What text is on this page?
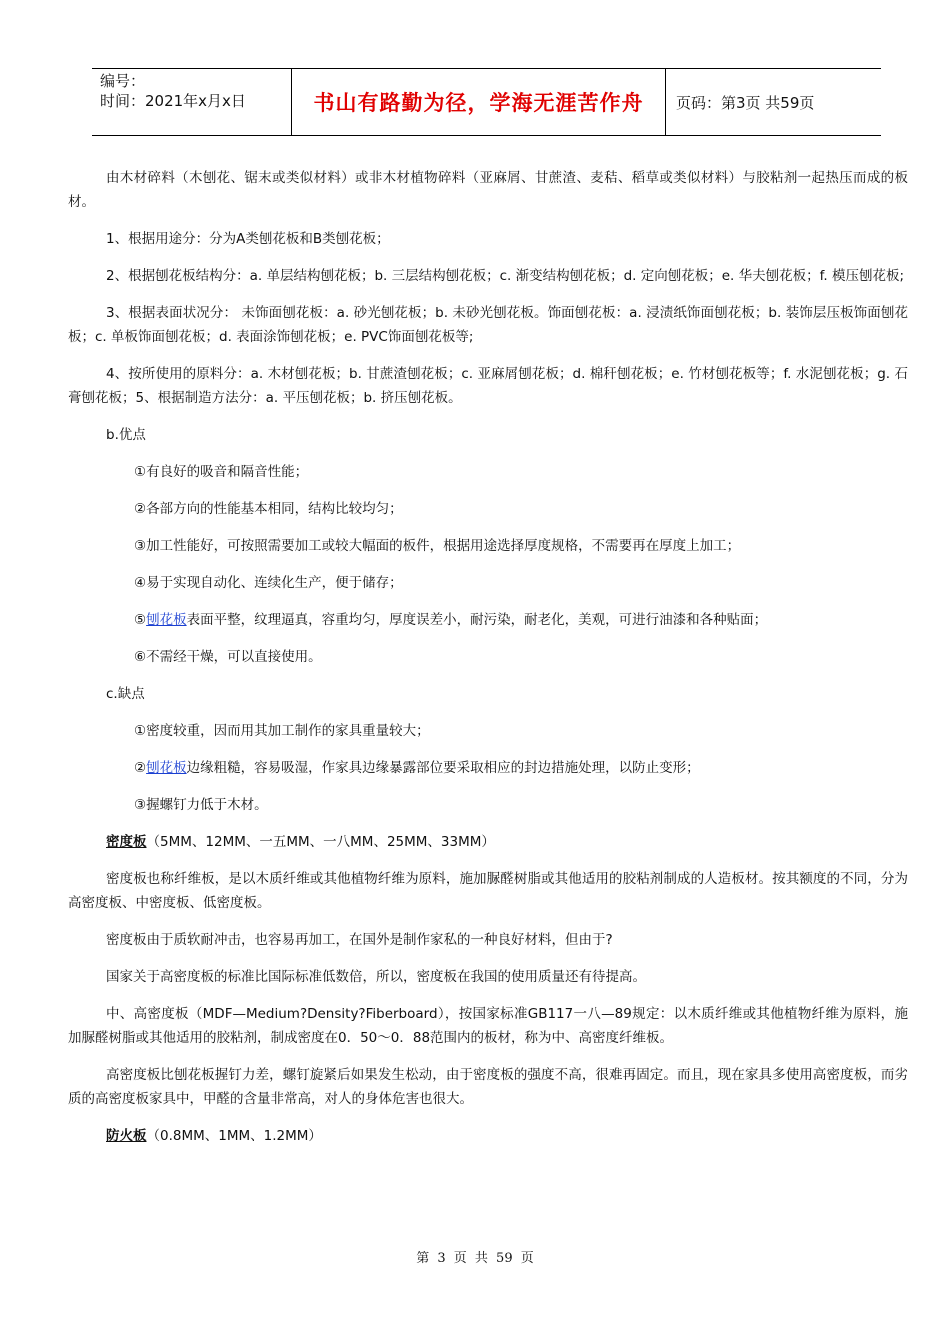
编号：
时间：2021年x月x日	书山有路勤为径，学海无涯苦作舟 页码：第3页 共59页

由木材碎料（木刨花、锯末或类似材料）或非木材植物碎料（亚麻屑、甘蔗渣、麦秸、稻草或类似材料）与胶粘剂一起热压而成的板材。

1、根据用途分：分为A类刨花板和B类刨花板；

2、根据刨花板结构分：a. 单层结构刨花板；b. 三层结构刨花板；c. 渐变结构刨花板；d. 定向刨花板；e. 华夫刨花板；f. 模压刨花板;

3、根据表面状况分： 未饰面刨花板：a. 砂光刨花板；b. 未砂光刨花板。饰面刨花板：a. 浸渍纸饰面刨花板；b. 装饰层压板饰面刨花板；c. 单板饰面刨花板；d. 表面涂饰刨花板；e. PVC饰面刨花板等;

4、按所使用的原料分：a. 木材刨花板；b. 甘蔗渣刨花板；c. 亚麻屑刨花板；d. 棉秆刨花板；e. 竹材刨花板等；f. 水泥刨花板；g. 石膏刨花板；5、根据制造方法分：a. 平压刨花板；b. 挤压刨花板。

b.优点

①有良好的吸音和隔音性能；

②各部方向的性能基本相同，结构比较均匀；

③加工性能好，可按照需要加工或较大幅面的板件，根据用途选择厚度规格，不需要再在厚度上加工；

④易于实现自动化、连续化生产，便于储存；

⑤刨花板表面平整，纹理逼真，容重均匀，厚度误差小，耐污染，耐老化，美观，可进行油漆和各种贴面；

⑥不需经干燥，可以直接使用。

c.缺点

①密度较重，因而用其加工制作的家具重量较大；

②刨花板边缘粗糙，容易吸湿，作家具边缘暴露部位要采取相应的封边措施处理，以防止变形；

③握螺钉力低于木材。

密度板（5MM、12MM、一五MM、一八MM、25MM、33MM）

密度板也称纤维板，是以木质纤维或其他植物纤维为原料，施加脲醛树脂或其他适用的胶粘剂制成的人造板材。按其额度的不同，分为高密度板、中密度板、低密度板。

密度板由于质软耐冲击，也容易再加工，在国外是制作家私的一种良好材料，但由于?

国家关于高密度板的标准比国际标准低数倍，所以，密度板在我国的使用质量还有待提高。

中、高密度板（MDF—Medium?Density?Fiberboard），按国家标准GB117一八—89规定：以木质纤维或其他植物纤维为原料，施加脲醛树脂或其他适用的胶粘剂，制成密度在0．50～0．88范围内的板材，称为中、高密度纤维板。

高密度板比刨花板握钉力差，螺钉旋紧后如果发生松动，由于密度板的强度不高，很难再固定。而且，现在家具多使用高密度板，而劣质的高密度板家具中，甲醛的含量非常高，对人的身体危害也很大。

防火板（0.8MM、1MM、1.2MM）

第 3 页 共 59 页
